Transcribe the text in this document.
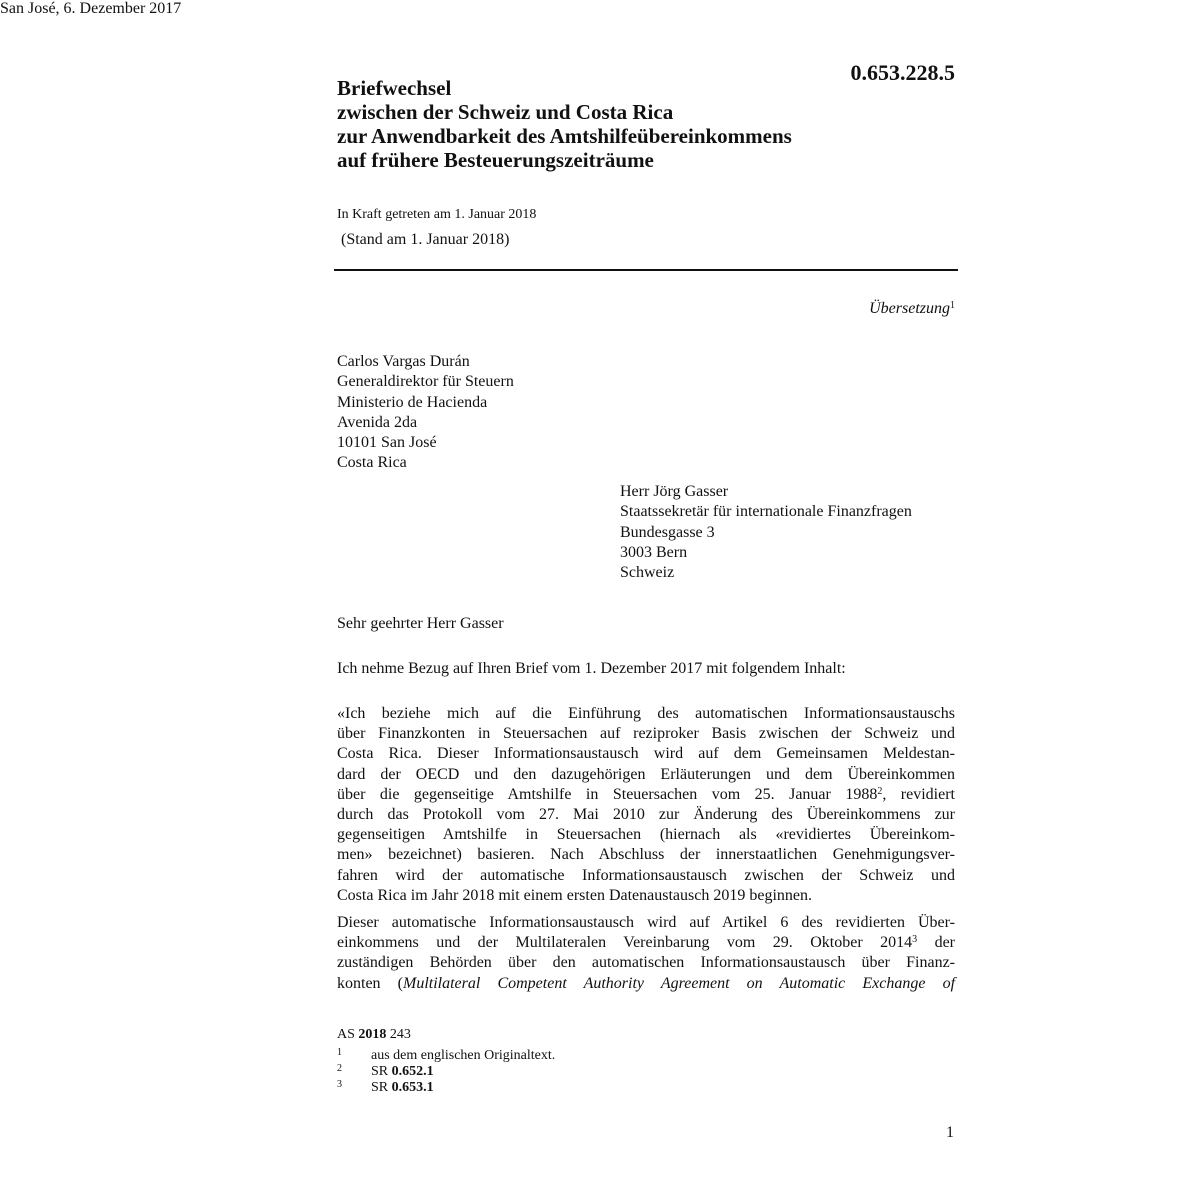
0.653.228.5
Briefwechsel
zwischen der Schweiz und Costa Rica
zur Anwendbarkeit des Amtshilfeübereinkommens
auf frühere Besteuerungszeiträume
In Kraft getreten am 1. Januar 2018
(Stand am 1. Januar 2018)
Übersetzung$^1$
Carlos Vargas Durán
Generaldirektor für Steuern
Ministerio de Hacienda
Avenida 2da
10101 San José
Costa Rica
San José, 6. Dezember 2017
Herr Jörg Gasser
Staatssekretär für internationale Finanzfragen
Bundesgasse 3
3003 Bern
Schweiz
Sehr geehrter Herr Gasser
Ich nehme Bezug auf Ihren Brief vom 1. Dezember 2017 mit folgendem Inhalt:
«Ich beziehe mich auf die Einführung des automatischen Informationsaustauschs
über Finanzkonten in Steuersachen auf reziproker Basis zwischen der Schweiz und
Costa Rica. Dieser Informationsaustausch wird auf dem Gemeinsamen Meldestan-
dard der OECD und den dazugehörigen Erläuterungen und dem Übereinkommen
über die gegenseitige Amtshilfe in Steuersachen vom 25. Januar 1988$^2$, revidiert
durch das Protokoll vom 27. Mai 2010 zur Änderung des Übereinkommens zur
gegenseitigen Amtshilfe in Steuersachen (hiernach als «revidiertes Übereinkom-
men» bezeichnet) basieren. Nach Abschluss der innerstaatlichen Genehmigungsver-
fahren wird der automatische Informationsaustausch zwischen der Schweiz und
Costa Rica im Jahr 2018 mit einem ersten Datenaustausch 2019 beginnen.
Dieser automatische Informationsaustausch wird auf Artikel 6 des revidierten Über-
einkommens und der Multilateralen Vereinbarung vom 29. Oktober 2014$^3$ der
zuständigen Behörden über den automatischen Informationsaustausch über Finanz-
konten (Multilateral Competent Authority Agreement on Automatic Exchange of
AS 2018 243
1 aus dem englischen Originaltext.
2 SR 0.652.1
3 SR 0.653.1
1
